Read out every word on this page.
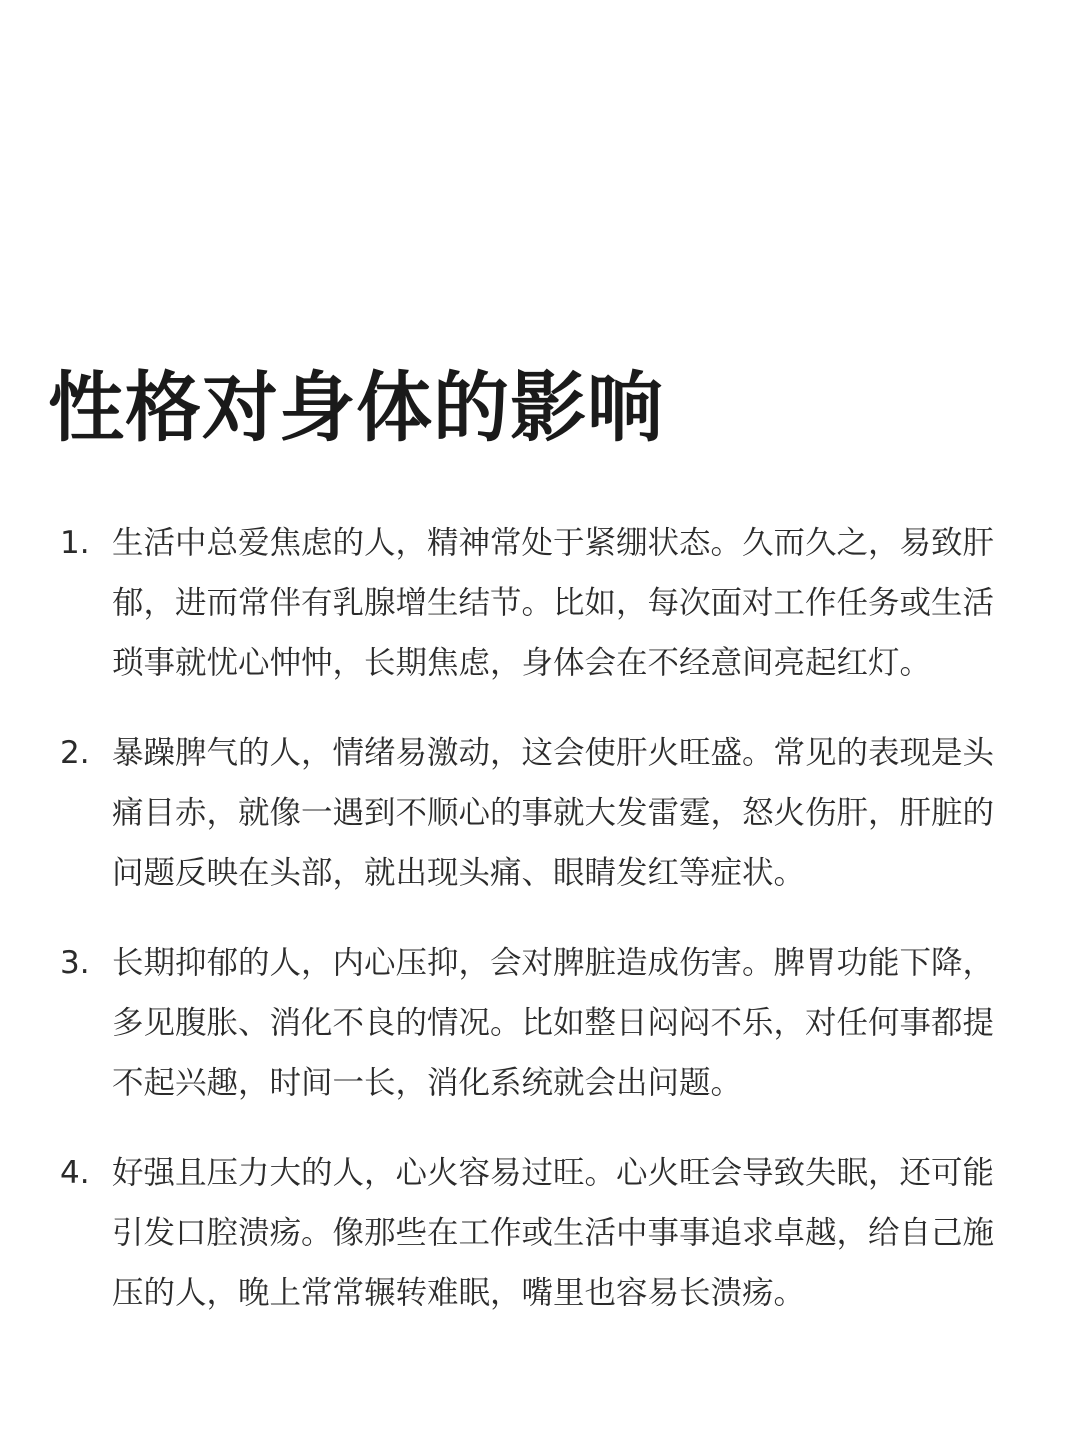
性格对身体的影响
1. 生活中总爱焦虑的人，精神常处于紧绷状态。久而久之，易致肝郁，进而常伴有乳腺增生结节。比如，每次面对工作任务或生活琐事就忧心忡忡，长期焦虑，身体会在不经意间亮起红灯。

2. 暴躁脾气的人，情绪易激动，这会使肝火旺盛。常见的表现是头痛目赤，就像一遇到不顺心的事就大发雷霆，怒火伤肝，肝脏的问题反映在头部，就出现头痛、眼睛发红等症状。

3. 长期抑郁的人，内心压抑，会对脾脏造成伤害。脾胃功能下降，多见腹胀、消化不良的情况。比如整日闷闷不乐，对任何事都提不起兴趣，时间一长，消化系统就会出问题。

4. 好强且压力大的人，心火容易过旺。心火旺会导致失眠，还可能引发口腔溃疡。像那些在工作或生活中事事追求卓越，给自己施压的人，晚上常常辗转难眠，嘴里也容易长溃疡。
